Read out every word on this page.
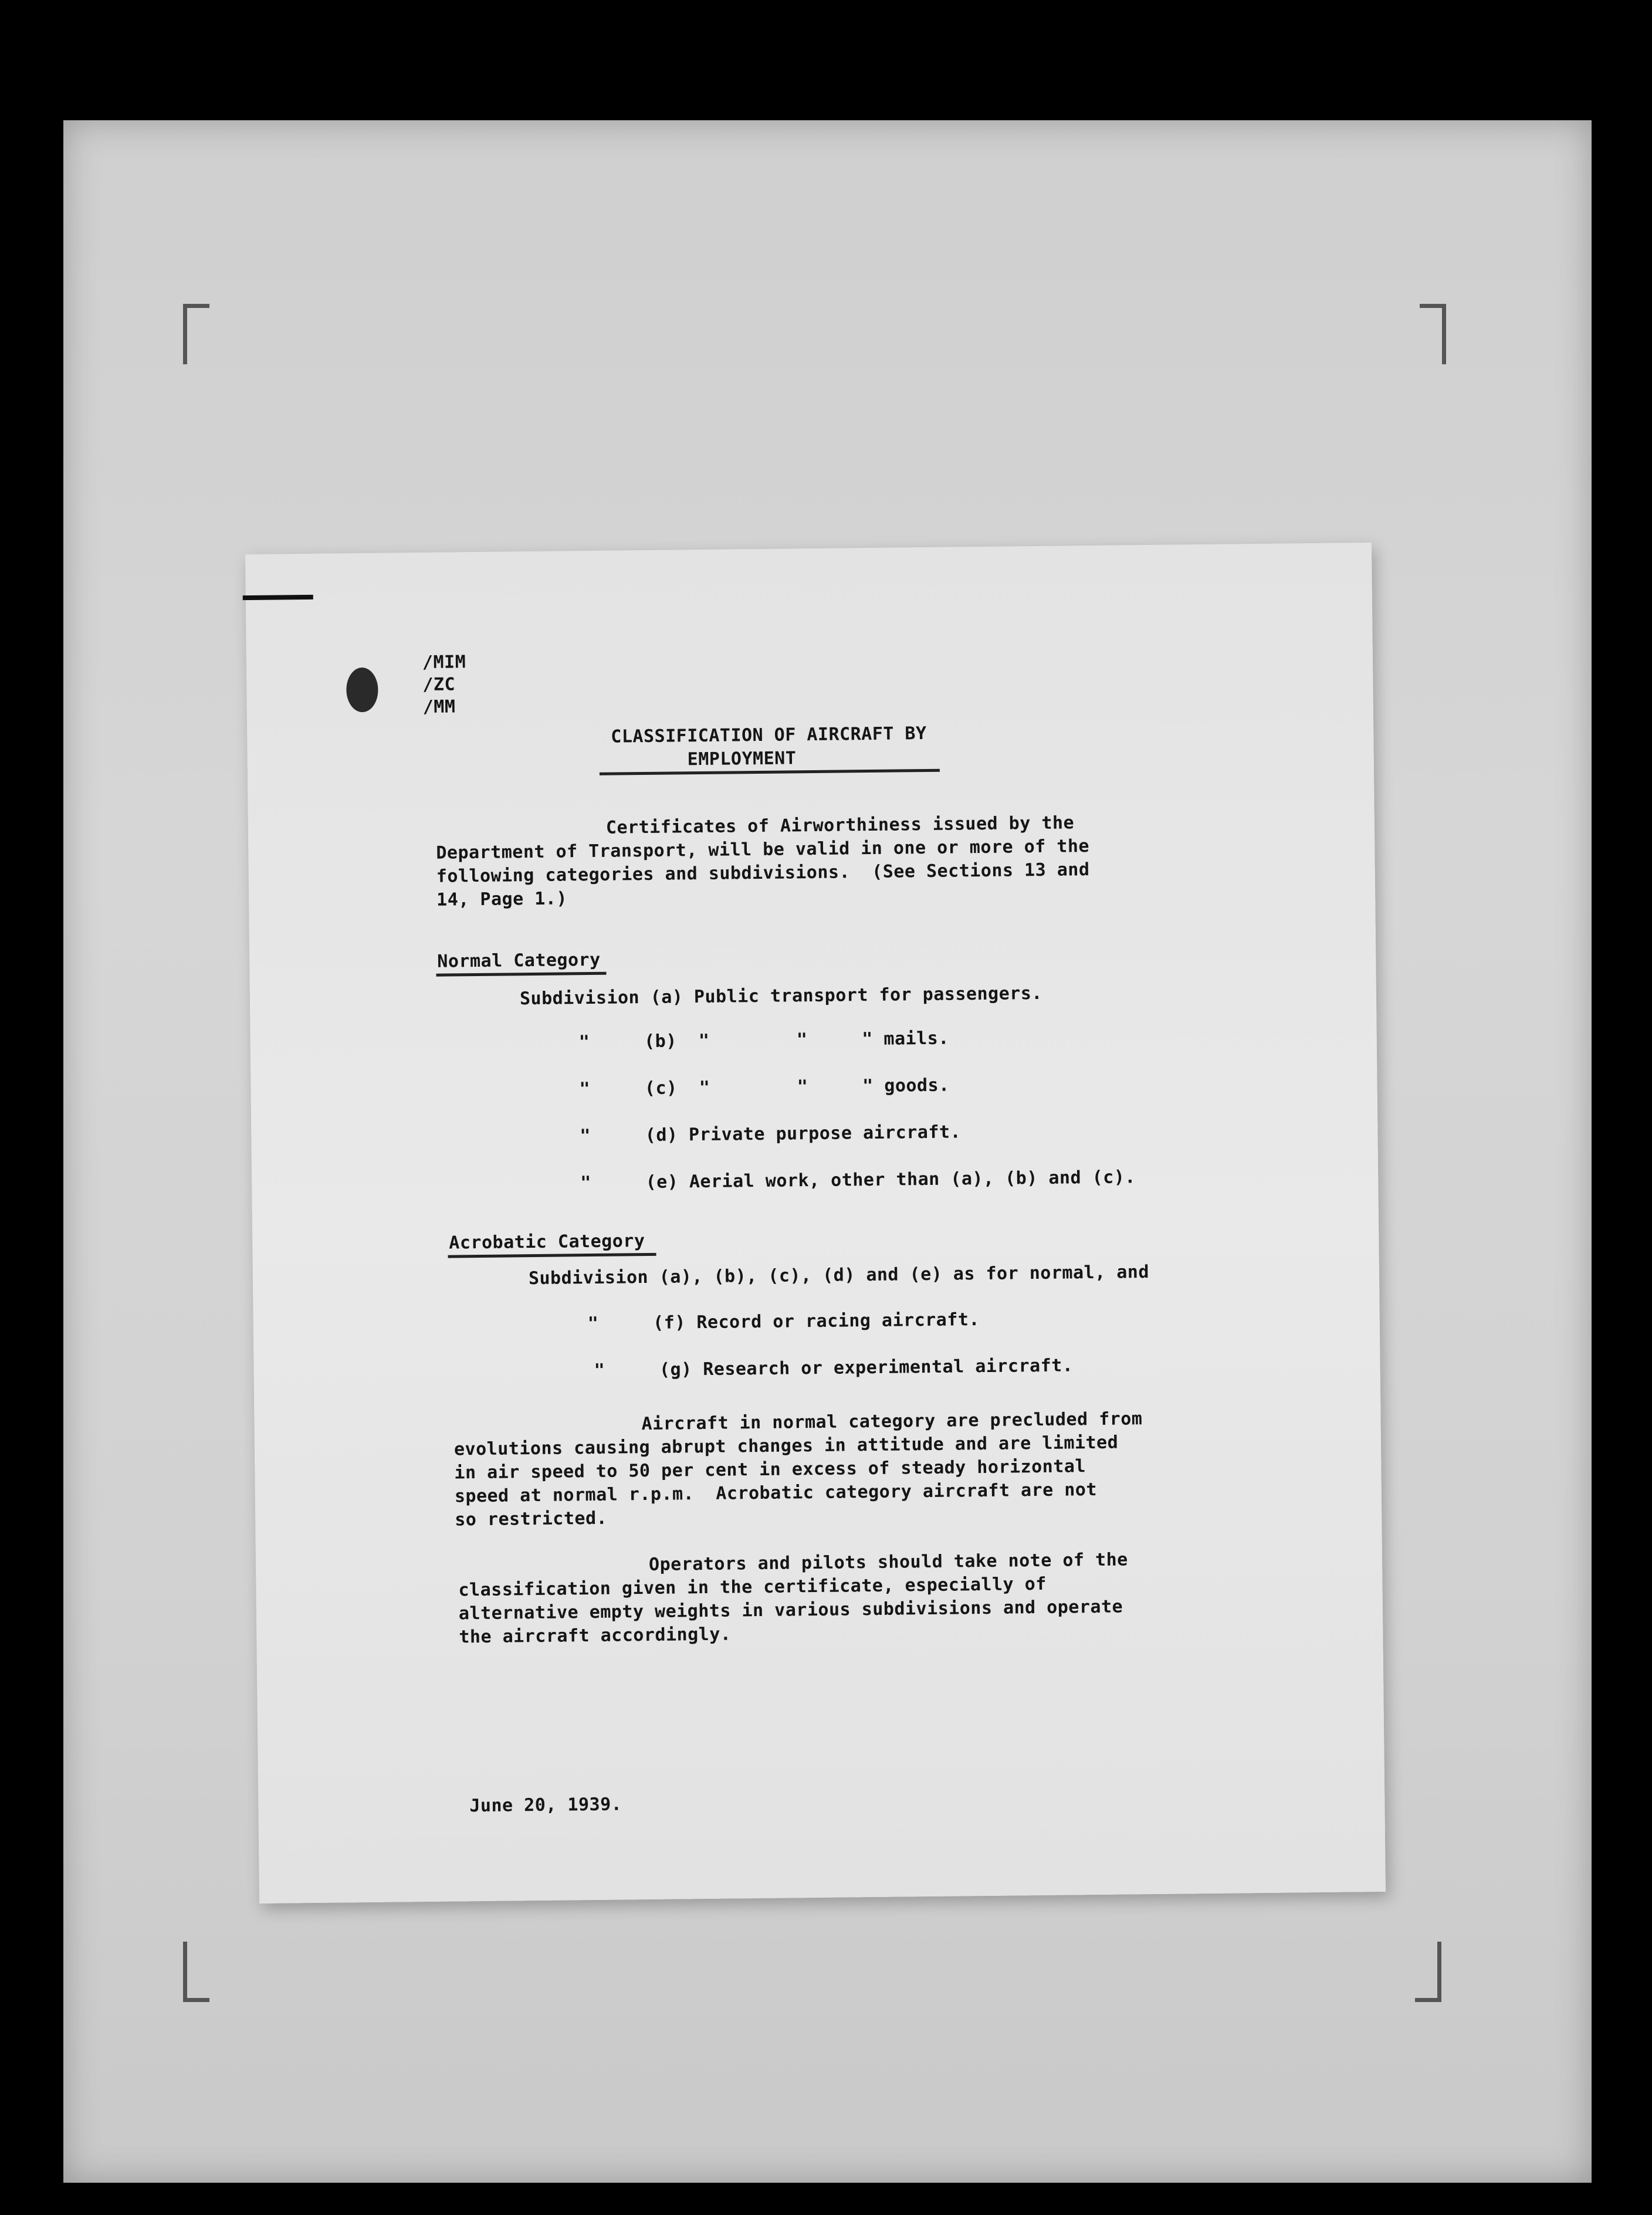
/MIM
/ZC
/MM
CLASSIFICATION OF AIRCRAFT BY
EMPLOYMENT
Certificates of Airworthiness issued by the
Department of Transport, will be valid in one or more of the
following categories and subdivisions.  (See Sections 13 and
14, Page 1.)
Normal Category
Subdivision (a) Public transport for passengers.
"     (b)  "        "     " mails.
"     (c)  "        "     " goods.
"     (d) Private purpose aircraft.
"     (e) Aerial work, other than (a), (b) and (c).
Acrobatic Category
Subdivision (a), (b), (c), (d) and (e) as for normal, and
"     (f) Record or racing aircraft.
"     (g) Research or experimental aircraft.
Aircraft in normal category are precluded from
evolutions causing abrupt changes in attitude and are limited
in air speed to 50 per cent in excess of steady horizontal
speed at normal r.p.m.  Acrobatic category aircraft are not
so restricted.
Operators and pilots should take note of the
classification given in the certificate, especially of
alternative empty weights in various subdivisions and operate
the aircraft accordingly.
June 20, 1939.
